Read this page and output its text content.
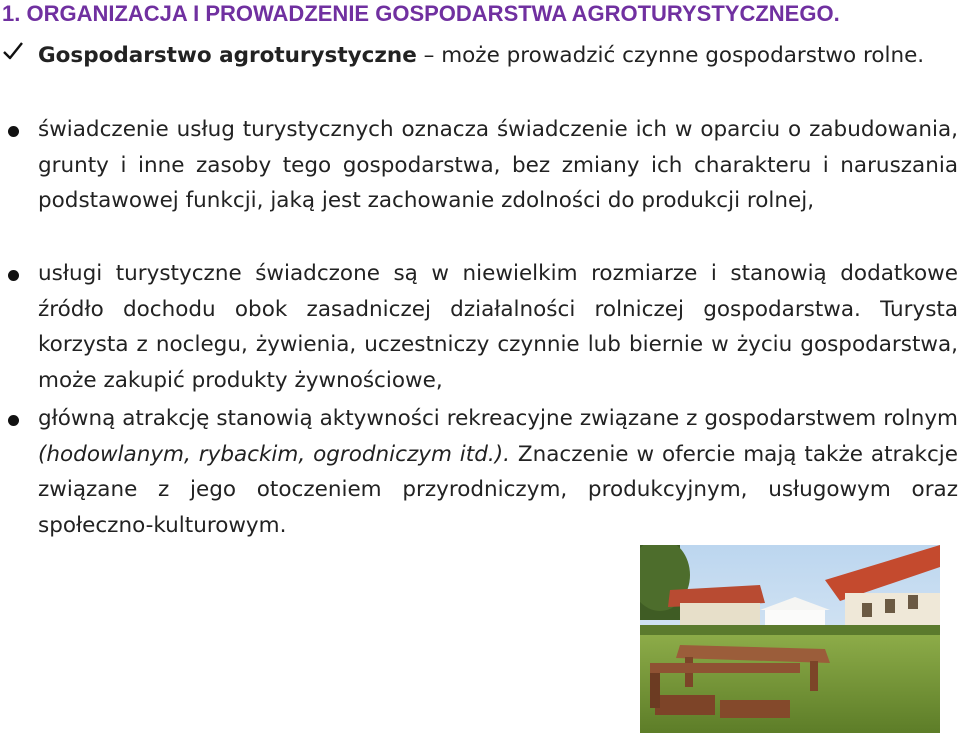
1. ORGANIZACJA I PROWADZENIE GOSPODARSTWA AGROTURYSTYCZNEGO.
Gospodarstwo agroturystyczne – może prowadzić czynne gospodarstwo rolne.
świadczenie usług turystycznych oznacza świadczenie ich w oparciu o zabudowania, grunty i inne zasoby tego gospodarstwa, bez zmiany ich charakteru i naruszania podstawowej funkcji, jaką jest zachowanie zdolności do produkcji rolnej,
usługi turystyczne świadczone są w niewielkim rozmiarze i stanowią dodatkowe źródło dochodu obok zasadniczej działalności rolniczej gospodarstwa. Turysta korzysta z noclegu, żywienia, uczestniczy czynnie lub biernie w życiu gospodarstwa, może zakupić produkty żywnościowe,
główną atrakcję stanowią aktywności rekreacyjne związane z gospodarstwem rolnym (hodowlanym, rybackim, ogrodniczym itd.). Znaczenie w ofercie mają także atrakcje związane z jego otoczeniem przyrodniczym, produkcyjnym, usługowym oraz społeczno-kulturowym.
